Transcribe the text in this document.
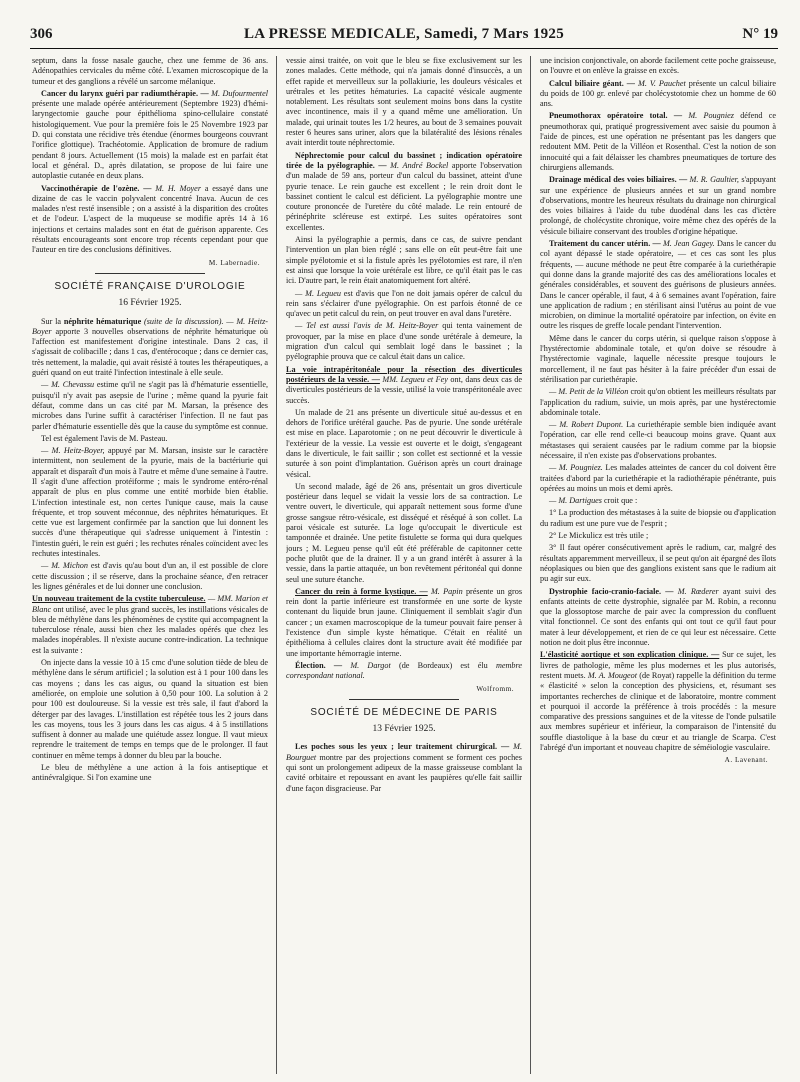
306	LA PRESSE MEDICALE, Samedi, 7 Mars 1925	N° 19

septum, dans la fosse nasale gauche, chez une femme de 36 ans. Adénopathies cervicales du même côté. L'examen microscopique de la tumeur et des ganglions a révélé un sarcome mélanique.

Cancer du larynx guéri par radiumthérapie. — M. Dufourmentel présente une malade opérée antérieurement (Septembre 1923) d'hémi-laryngectomie gauche pour épithélioma spino-cellulaire constaté histologiquement. Vue pour la première fois le 25 Novembre 1923 par D. qui constata une récidive très étendue (énormes bourgeons couvrant l'orifice glottique). Trachéotomie. Application de bromure de radium pendant 8 jours. Actuellement (15 mois) la malade est en parfait état local et général. D., après dilatation, se propose de lui faire une autoplastie cutanée en deux plans.

Vaccinothérapie de l'ozène. — M. H. Moyer a essayé dans une dizaine de cas le vaccin polyvalent concentré Inava. Aucun de ces malades n'est resté insensible ; on a assisté à la disparition des croûtes et de l'odeur. L'aspect de la muqueuse se modifie après 14 à 16 injections et certains malades sont en état de guérison apparente. Ces résultats encourageants sont encore trop récents cependant pour que l'auteur en tire des conclusions définitives.

M. Labernadie.
SOCIÉTÉ FRANÇAISE D'UROLOGIE
16 Février 1925.

Sur la néphrite hématurique (suite de la discussion). — M. Heitz-Boyer apporte 3 nouvelles observations de néphrite hématurique où l'affection est manifestement d'origine intestinale. Dans 2 cas, il s'agissait de colibacille ; dans 1 cas, d'entérocoque ; dans ce dernier cas, très nettement, la maladie, qui avait résisté à toutes les thérapeutiques, a guéri quand on eut traité l'infection intestinale à elle seule.

— M. Chevassu estime qu'il ne s'agit pas là d'hématurie essentielle, puisqu'il n'y avait pas asepsie de l'urine ; même quand la pyurie fait défaut, comme dans un cas cité par M. Marsan, la présence des microbes dans l'urine suffit à caractériser l'infection. Il ne faut pas parler d'hématurie essentielle dès que la cause du symptôme est connue.

Tel est également l'avis de M. Pasteau.

— M. Heitz-Boyer, appuyé par M. Marsan, insiste sur le caractère intermittent, non seulement de la pyurie, mais de la bactériurie qui apparaît et disparaît d'un mois à l'autre et même d'une semaine à l'autre. Il s'agit d'une affection protéiforme ; mais le syndrome entéro-rénal apparaît de plus en plus comme une entité morbide bien établie. L'infection intestinale est, non certes l'unique cause, mais la cause fréquente, et trop souvent méconnue, des néphrites hématuriques. Et cette vue est largement confirmée par la sanction que lui donnent les succès d'une thérapeutique qui s'adresse uniquement à l'intestin : l'intestin guéri, le rein est guéri ; les rechutes rénales coïncident avec les rechutes intestinales.

— M. Michon est d'avis qu'au bout d'un an, il est possible de clore cette discussion ; il se réserve, dans la prochaine séance, d'en retracer les lignes générales et de lui donner une conclusion.

Un nouveau traitement de la cystite tuberculeuse. — MM. Marion et Blanc ont utilisé, avec le plus grand succès, les instillations vésicales de bleu de méthylène dans les phénomènes de cystite qui accompagnent la tuberculose rénale, aussi bien chez les malades opérés que chez les malades inopérables. Il n'existe aucune contre-indication. La technique est la suivante :

On injecte dans la vessie 10 à 15 cmc d'une solution tiède de bleu de méthylène dans le sérum artificiel ; la solution est à 1 pour 100 dans les cas moyens ; dans les cas aigus, ou quand la situation est bien améliorée, on emploie une solution à 0,50 pour 100. La solution à 2 pour 100 est douloureuse. Si la vessie est très sale, il faut d'abord la déterger par des lavages. L'instillation est répétée tous les 2 jours dans les cas moyens, tous les 3 jours dans les cas aigus. 4 à 5 instillations suffisent à donner au malade une quiétude assez longue. Il vaut mieux reprendre le traitement de temps en temps que de le prolonger. Il faut continuer en même temps à donner du bleu par la bouche.

Le bleu de méthylène a une action à la fois antiseptique et antinévralgique. Si l'on examine une

vessie ainsi traitée, on voit que le bleu se fixe exclusivement sur les zones malades. Cette méthode, qui n'a jamais donné d'insuccès, a un effet rapide et merveilleux sur la pollakiurie, les douleurs vésicales et urétrales et les petites hématuries. La capacité vésicale augmente notablement. Les résultats sont seulement moins bons dans la cystite avec incontinence, mais il y a quand même une amélioration. Un malade, qui urinait toutes les 1/2 heures, au bout de 3 semaines pouvait rester 6 heures sans uriner, alors que la bilatéralité des lésions rénales avait interdit toute néphrectomie.

Néphrectomie pour calcul du bassinet ; indication opératoire tirée de la pyélographie. — M. André Bockel apporte l'observation d'un malade de 59 ans, porteur d'un calcul du bassinet, atteint d'une pyurie tenace. Le rein gauche est excellent ; le rein droit dont le bassinet contient le calcul est déficient. La pyélographie montre une couture prononcée de l'uretère du côté malade. Le rein entouré de périnéphrite scléreuse est extirpé. Les suites opératoires sont excellentes.

Ainsi la pyélographie a permis, dans ce cas, de suivre pendant l'intervention un plan bien réglé ; sans elle on eût peut-être fait une simple pyélotomie et si la fistule après les pyélotomies est rare, il n'en est ainsi que lorsque la voie urétérale est libre, ce qu'il était pas le cas ici. D'autre part, le rein était anatomiquement fort altéré.

— M. Legueu est d'avis que l'on ne doit jamais opérer de calcul du rein sans s'éclairer d'une pyélographie. On est parfois étonné de ce qu'avec un petit calcul du rein, on peut trouver en aval dans l'uretère.

— Tel est aussi l'avis de M. Heitz-Boyer qui tenta vainement de provoquer, par la mise en place d'une sonde urétérale à demeure, la migration d'un calcul qui semblait logé dans le bassinet ; la pyélographie prouva que ce calcul était dans un calice.

La voie intrapéritonéale pour la résection des diverticules postérieurs de la vessie. — MM. Legueu et Fey ont, dans deux cas de diverticules postérieurs de la vessie, utilisé la voie transpéritonéale avec succès.

Un malade de 21 ans présente un diverticule situé au-dessus et en dehors de l'orifice urétéral gauche. Pas de pyurie. Une sonde urétérale est mise en place. Laparotomie ; on ne peut découvrir le diverticule à l'extérieur de la vessie. La vessie est ouverte et le doigt, s'engageant dans le diverticule, le fait saillir ; son collet est sectionné et la vessie suturée à son point d'implantation. Guérison après un court drainage vésical.

Un second malade, âgé de 26 ans, présentait un gros diverticule postérieur dans lequel se vidait la vessie lors de sa contraction. Le ventre ouvert, le diverticule, qui apparaît nettement sous forme d'une grosse sangsue rétro-vésicale, est disséqué et réséqué à son collet. La paroi vésicale est suturée. La loge qu'occupait le diverticule est tamponnée et drainée. Une petite fistulette se forma qui dura quelques jours ; M. Legueu pense qu'il eût été préférable de capitonner cette poche plutôt que de la drainer. Il y a un grand intérêt à assurer à la vessie, dans la partie attaquée, un bon revêtement péritonéal qui donne seul une suture étanche.

Cancer du rein à forme kystique. — M. Papin présente un gros rein dont la partie inférieure est transformée en une sorte de kyste contenant du liquide brun jaune. Cliniquement il semblait s'agir d'un cancer ; un examen macroscopique de la tumeur pouvait faire penser à l'existence d'un simple kyste hématique. C'était en réalité un épithélioma à cellules claires dont la structure avait été modifiée par une importante hémorragie interne.

Élection. — M. Dargot (de Bordeaux) est élu membre correspondant national.

Wolfromm.
SOCIÉTÉ DE MÉDECINE DE PARIS
13 Février 1925.

Les poches sous les yeux ; leur traitement chirurgical. — M. Bourguet montre par des projections comment se forment ces poches qui sont un prolongement adipeux de la masse graisseuse comblant la cavité orbitaire et repoussant en avant les paupières qu'elle fait saillir d'une façon disgracieuse. Par

une incision conjonctivale, on aborde facilement cette poche graisseuse, on l'ouvre et on enlève la graisse en excès.

Calcul biliaire géant. — M. V. Pauchet présente un calcul biliaire du poids de 100 gr. enlevé par cholécystotomie chez un homme de 60 ans.

Pneumothorax opératoire total. — M. Pougniez défend ce pneumothorax qui, pratiqué progressivement avec saisie du poumon à l'aide de pinces, est une opération ne présentant pas les dangers que redoutent MM. Petit de la Villéon et Rosenthal. C'est la notion de son innocuité qui a fait délaisser les chambres pneumatiques de torture des chirurgiens allemands.

Drainage médical des voies biliaires. — M. R. Gaultier, s'appuyant sur une expérience de plusieurs années et sur un grand nombre d'observations, montre les heureux résultats du drainage non chirurgical des voies biliaires à l'aide du tube duodénal dans les cas d'ictère prolongé, de cholécystite chronique, voire même chez des opérés de la vésicule biliaire conservant des troubles d'origine hépatique.

Traitement du cancer utérin. — M. Jean Gagey. Dans le cancer du col ayant dépassé le stade opératoire, — et ces cas sont les plus fréquents, — aucune méthode ne peut être comparée à la curiethérapie qui donne dans la grande majorité des cas des améliorations locales et générales considérables, et souvent des guérisons de plusieurs années. Dans le cancer opérable, il faut, 4 à 6 semaines avant l'opération, faire une application de radium ; en stérilisant ainsi l'utérus au point de vue microbien, on diminue la mortalité opératoire par infection, on évite en outre les risques de greffe locale pendant l'intervention.

Même dans le cancer du corps utérin, si quelque raison s'oppose à l'hystérectomie abdominale totale, et qu'on doive se résoudre à l'hystérectomie vaginale, laquelle nécessite presque toujours le morcellement, il ne faut pas hésiter à la faire précéder d'un essai de stérilisation par curiethérapie.

— M. Petit de la Villéon croit qu'on obtient les meilleurs résultats par l'application du radium, suivie, un mois après, par une hystérectomie abdominale totale.

— M. Robert Dupont. La curiethérapie semble bien indiquée avant l'opération, car elle rend celle-ci beaucoup moins grave. Quant aux métastases qui seraient causées par le radium comme par la biopsie nécessaire, il n'en existe pas d'observations probantes.

— M. Pougniez. Les malades atteintes de cancer du col doivent être traitées d'abord par la curiethérapie et la radiothérapie pénétrante, puis opérées au moins un mois et demi après.

— M. Dartigues croit que :

1° La production des métastases à la suite de biopsie ou d'application du radium est une pure vue de l'esprit ;

2° Le Mickulicz est très utile ;

3° Il faut opérer consécutivement après le radium, car, malgré des résultats apparemment merveilleux, il se peut qu'on ait épargné des îlots néoplasiques ou bien que des ganglions existent sans que le radium ait pu agir sur eux.

Dystrophie facio-cranio-faciale. — M. Rœderer ayant suivi des enfants atteints de cette dystrophie, signalée par M. Robin, a reconnu que la glossoptose marche de pair avec la compression du confluent vital fonctionnel. Ce sont des enfants qui ont tout ce qu'il faut pour mater à leur développement, et rien de ce qui leur est nécessaire. Cette notion ne doit plus être inconnue.

L'élasticité aortique et son explication clinique. — Sur ce sujet, les livres de pathologie, même les plus modernes et les plus autorisés, restent muets. M. A. Mougeot (de Royat) rappelle la définition du terme « élasticité » selon la conception des physiciens, et, résumant ses importantes recherches de clinique et de laboratoire, montre comment et pourquoi il accorde la préférence à trois procédés : la mesure comparative des pressions sanguines et de la vitesse de l'onde pulsatile aux membres supérieur et inférieur, la comparaison de l'intensité du souffle diastolique à la base du cœur et au triangle de Scarpa. C'est l'abrégé d'un important et nouveau chapitre de séméiologie vasculaire.

A. Lavenant.
